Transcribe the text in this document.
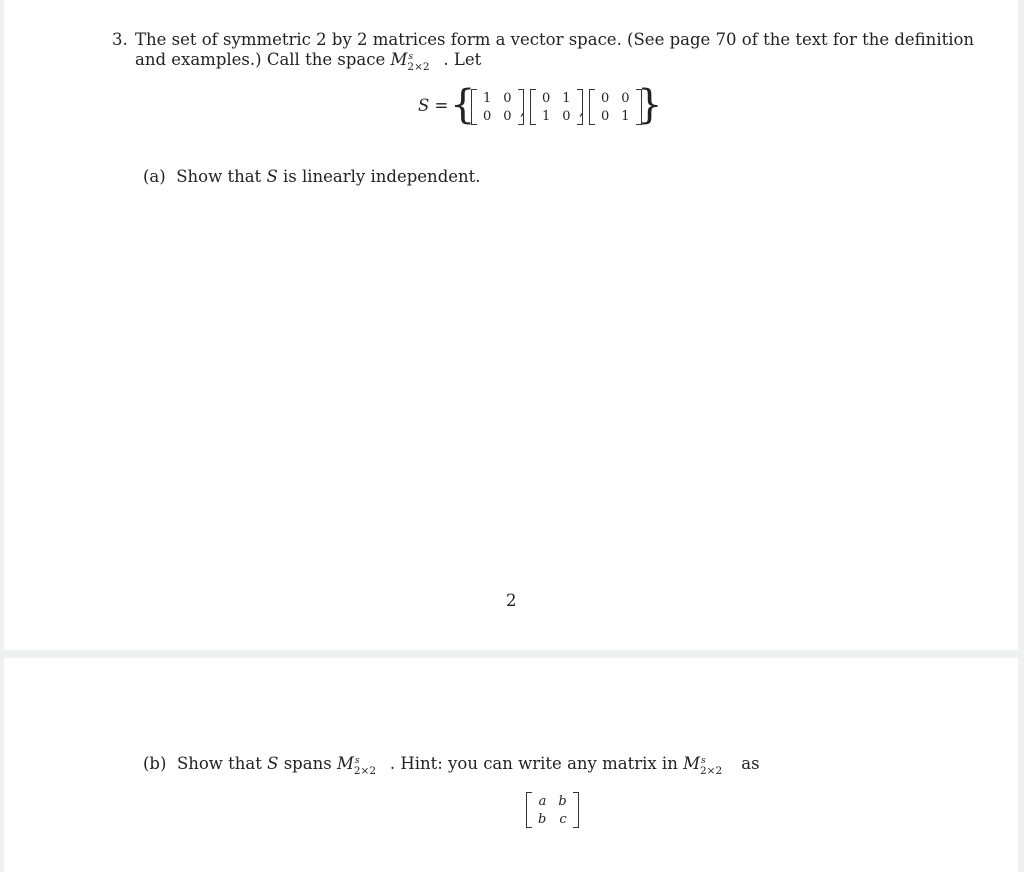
3. The set of symmetric 2 by 2 matrices form a vector space. (See page 70 of the text for the definition
and examples.) Call the space M s
2×2 . Let
S = { 1	0
0	0 ,
0	1
1	0 ,
0	0
0	1 }
(a) Show that S is linearly independent.
2
(b) Show that S spans M s
2×2 . Hint: you can write any matrix in M s
2×2 as
a	b
b	c
